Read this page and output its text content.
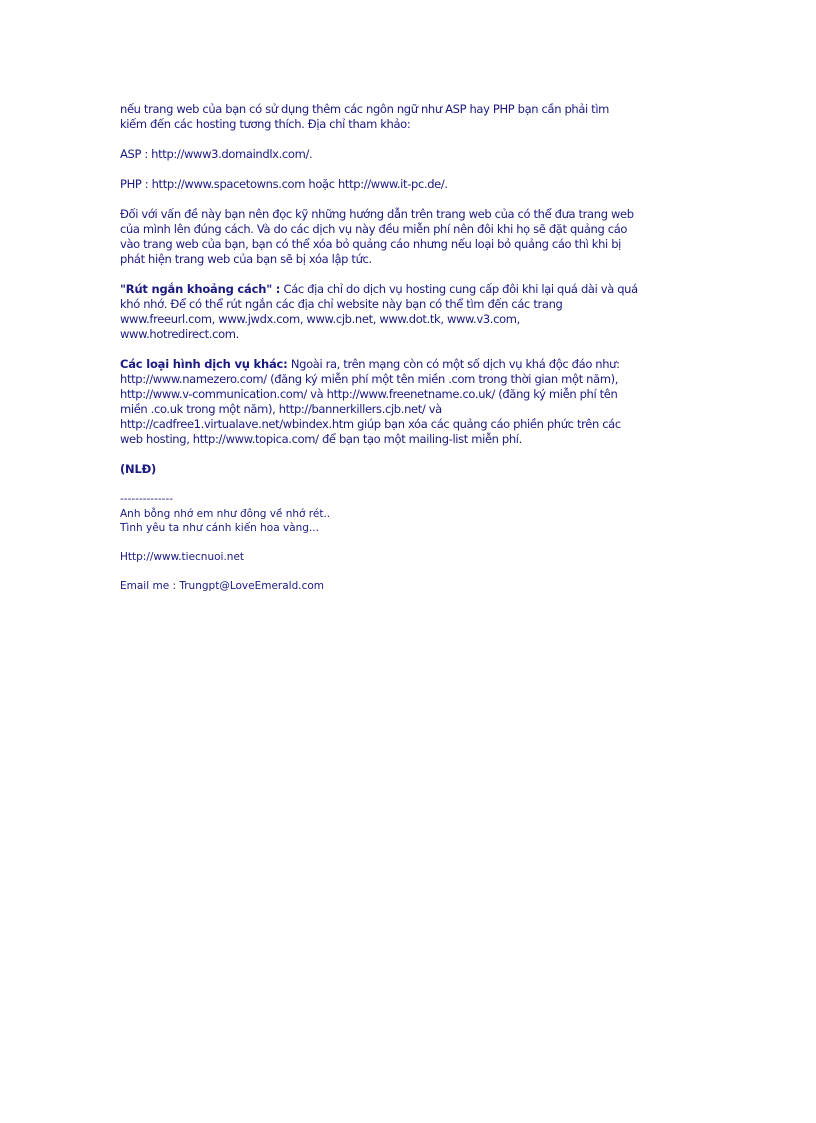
nếu trang web của bạn có sử dụng thêm các ngôn ngữ như ASP hay PHP bạn cần phải tìm

kiếm đến các hosting tương thích. Địa chỉ tham khảo:

ASP : http://www3.domaindlx.com/.

PHP : http://www.spacetowns.com hoặc http://www.it-pc.de/.

Đối với vấn đề này bạn nên đọc kỹ những hướng dẫn trên trang web của có thể đưa trang web

của mình lên đúng cách. Và do các dịch vụ này đều miễn phí nên đôi khi họ sẽ đặt quảng cáo

vào trang web của bạn, bạn có thể xóa bỏ quảng cáo nhưng nếu loại bỏ quảng cáo thì khi bị

phát hiện trang web của bạn sẽ bị xóa lập tức.

"Rút ngắn khoảng cách" : Các địa chỉ do dịch vụ hosting cung cấp đôi khi lại quá dài và quá

khó nhớ. Để có thể rút ngắn các địa chỉ website này bạn có thể tìm đến các trang

www.freeurl.com, www.jwdx.com, www.cjb.net, www.dot.tk, www.v3.com,

www.hotredirect.com.

Các loại hình dịch vụ khác: Ngoài ra, trên mạng còn có một số dịch vụ khá độc đáo như:

http://www.namezero.com/ (đăng ký miễn phí một tên miền .com trong thời gian một năm),

http://www.v-communication.com/ và http://www.freenetname.co.uk/ (đăng ký miễn phí tên

miền .co.uk trong một năm), http://bannerkillers.cjb.net/ và

http://cadfree1.virtualave.net/wbindex.htm giúp bạn xóa các quảng cáo phiền phức trên các

web hosting, http://www.topica.com/ để bạn tạo một mailing-list miễn phí.

(NLĐ)

--------------

Anh bỗng nhớ em như đông về nhớ rét..

Tình yêu ta như cánh kiến hoa vàng...

Http://www.tiecnuoi.net

Email me : Trungpt@LoveEmerald.com
